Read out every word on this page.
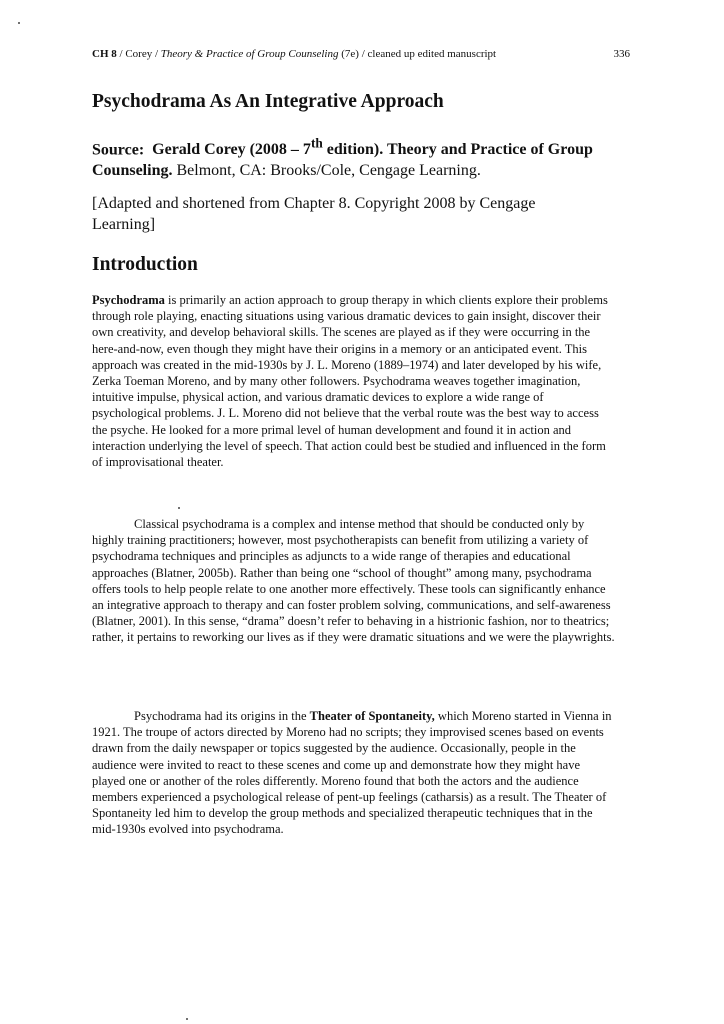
CH 8 / Corey / Theory & Practice of Group Counseling (7e) / cleaned up edited manuscript	336
Psychodrama As An Integrative Approach

Source: Gerald Corey (2008 – 7th edition). Theory and Practice of Group Counseling. Belmont, CA: Brooks/Cole, Cengage Learning.

[Adapted and shortened from Chapter 8. Copyright 2008 by Cengage Learning]

Introduction

Psychodrama is primarily an action approach to group therapy in which clients explore their problems through role playing, enacting situations using various dramatic devices to gain insight, discover their own creativity, and develop behavioral skills. The scenes are played as if they were occurring in the here-and-now, even though they might have their origins in a memory or an anticipated event. This approach was created in the mid-1930s by J. L. Moreno (1889–1974) and later developed by his wife, Zerka Toeman Moreno, and by many other followers. Psychodrama weaves together imagination, intuitive impulse, physical action, and various dramatic devices to explore a wide range of psychological problems. J. L. Moreno did not believe that the verbal route was the best way to access the psyche. He looked for a more primal level of human development and found it in action and interaction underlying the level of speech. That action could best be studied and influenced in the form of improvisational theater.

Classical psychodrama is a complex and intense method that should be conducted only by highly training practitioners; however, most psychotherapists can benefit from utilizing a variety of psychodrama techniques and principles as adjuncts to a wide range of therapies and educational approaches (Blatner, 2005b). Rather than being one “school of thought” among many, psychodrama offers tools to help people relate to one another more effectively. These tools can significantly enhance an integrative approach to therapy and can foster problem solving, communications, and self-awareness (Blatner, 2001). In this sense, “drama” doesn’t refer to behaving in a histrionic fashion, nor to theatrics; rather, it pertains to reworking our lives as if they were dramatic situations and we were the playwrights.

Psychodrama had its origins in the Theater of Spontaneity, which Moreno started in Vienna in 1921. The troupe of actors directed by Moreno had no scripts; they improvised scenes based on events drawn from the daily newspaper or topics suggested by the audience. Occasionally, people in the audience were invited to react to these scenes and come up and demonstrate how they might have played one or another of the roles differently. Moreno found that both the actors and the audience members experienced a psychological release of pent-up feelings (catharsis) as a result. The Theater of Spontaneity led him to develop the group methods and specialized therapeutic techniques that in the mid-1930s evolved into psychodrama.
